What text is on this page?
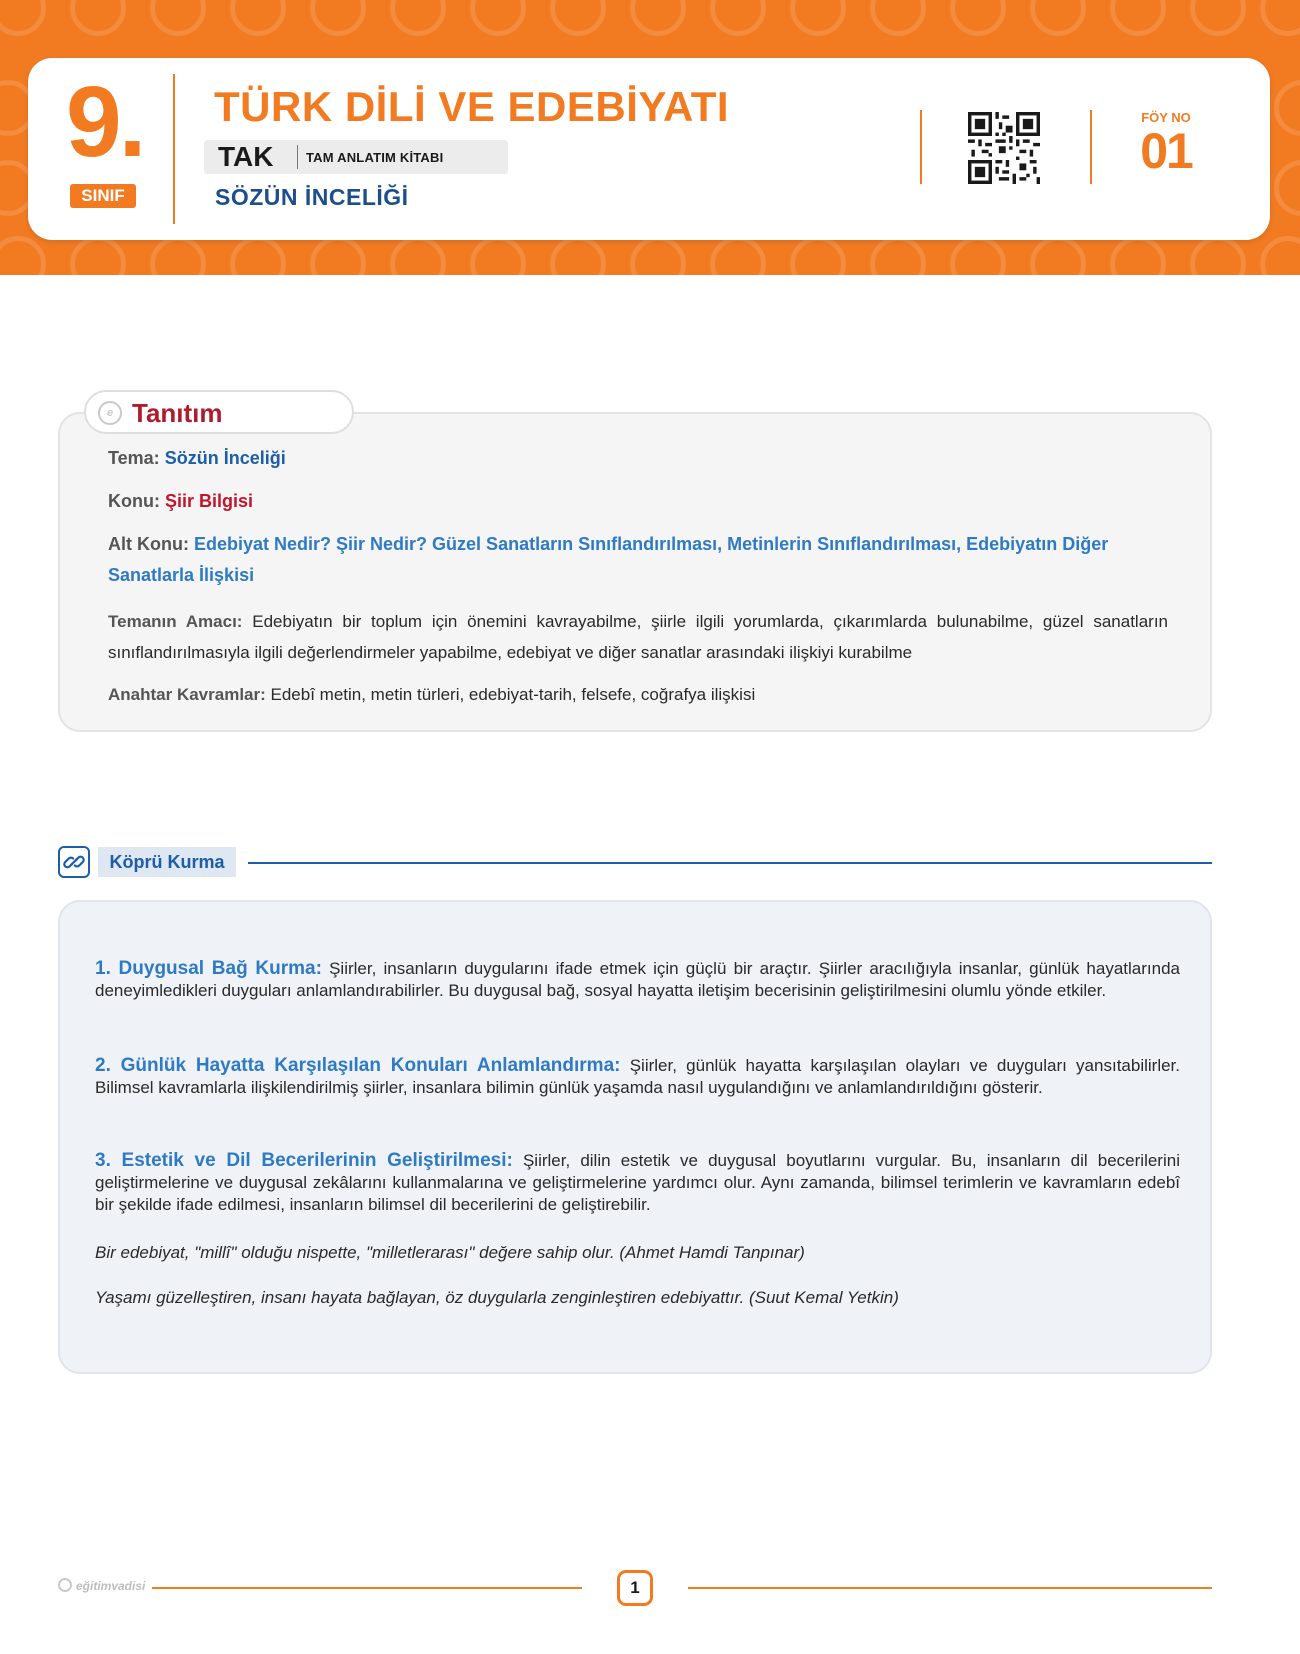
9.
SINIF
TÜRK DİLİ VE EDEBİYATI
TAK	TAM ANLATIM KİTABI
SÖZÜN İNCELİĞİ
FÖY NO
01
e Tanıtım
Tema: Sözün İnceliği
Konu: Şiir Bilgisi
Alt Konu: Edebiyat Nedir? Şiir Nedir? Güzel Sanatların Sınıflandırılması, Metinlerin Sınıflandırılması, Edebiyatın Diğer Sanatlarla İlişkisi
Temanın Amacı: Edebiyatın bir toplum için önemini kavrayabilme, şiirle ilgili yorumlarda, çıkarımlarda bulunabilme, güzel sanatların sınıflandırılmasıyla ilgili değerlendirmeler yapabilme, edebiyat ve diğer sanatlar arasındaki ilişkiyi kurabilme
Anahtar Kavramlar: Edebî metin, metin türleri, edebiyat-tarih, felsefe, coğrafya ilişkisi
Köprü Kurma
1. Duygusal Bağ Kurma: Şiirler, insanların duygularını ifade etmek için güçlü bir araçtır. Şiirler aracılığıyla insanlar, günlük hayatlarında deneyimledikleri duyguları anlamlandırabilirler. Bu duygusal bağ, sosyal hayatta iletişim becerisinin geliştirilmesini olumlu yönde etkiler.
2. Günlük Hayatta Karşılaşılan Konuları Anlamlandırma: Şiirler, günlük hayatta karşılaşılan olayları ve duyguları yansıtabilirler. Bilimsel kavramlarla ilişkilendirilmiş şiirler, insanlara bilimin günlük yaşamda nasıl uygulandığını ve anlamlandırıldığını gösterir.
3. Estetik ve Dil Becerilerinin Geliştirilmesi: Şiirler, dilin estetik ve duygusal boyutlarını vurgular. Bu, insanların dil becerilerini geliştirmelerine ve duygusal zekâlarını kullanmalarına ve geliştirmelerine yardımcı olur. Aynı zamanda, bilimsel terimlerin ve kavramların edebî bir şekilde ifade edilmesi, insanların bilimsel dil becerilerini de geliştirebilir.
Bir edebiyat, "millî" olduğu nispette, "milletlerarası" değere sahip olur. (Ahmet Hamdi Tanpınar)
Yaşamı güzelleştiren, insanı hayata bağlayan, öz duygularla zenginleştiren edebiyattır. (Suut Kemal Yetkin)
eğitimvadisi	1
